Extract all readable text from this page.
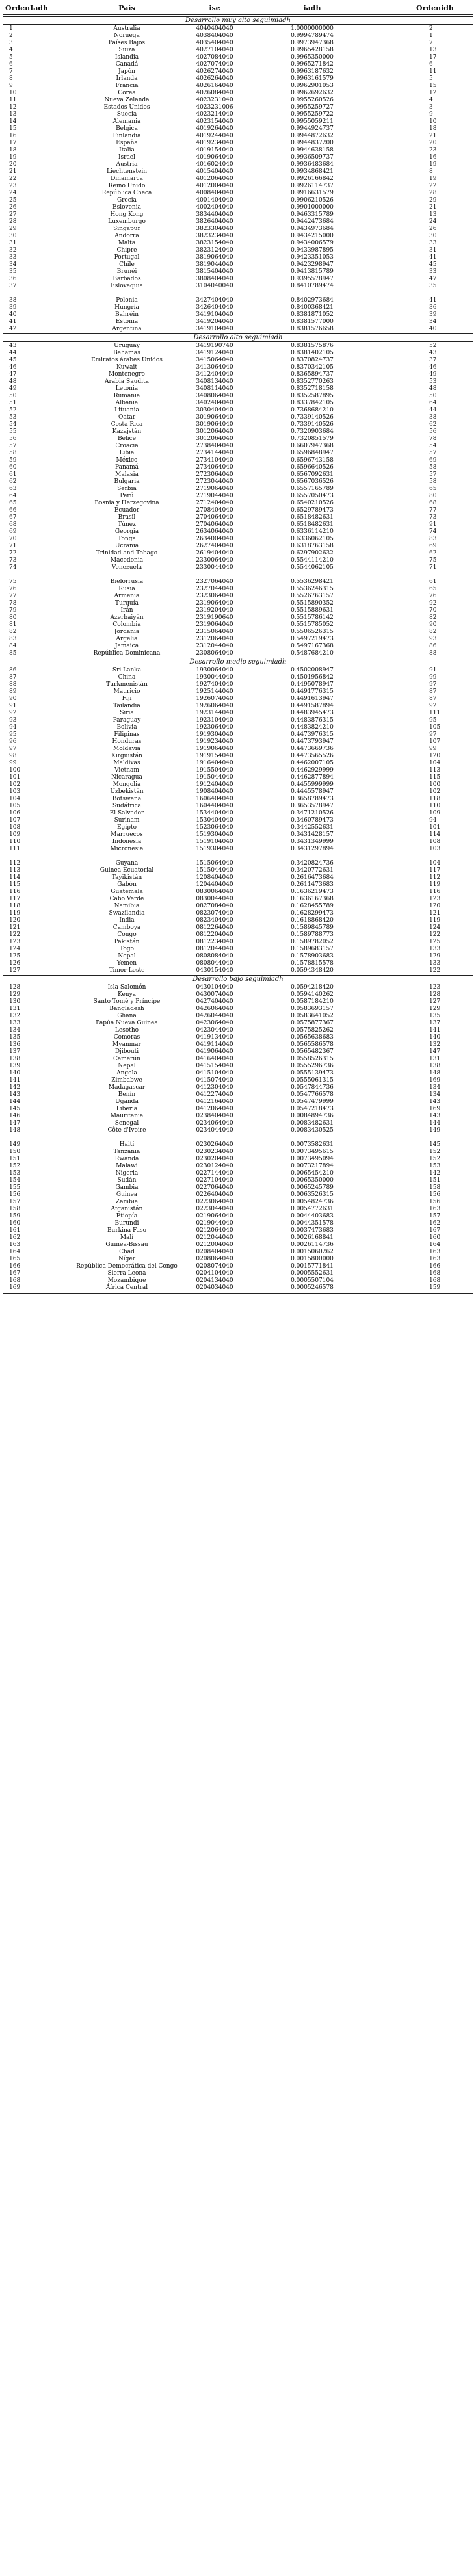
OrdenIadh	País	ise	iadh	Ordenidh
Desarrollo muy alto seguimiadh
1	Australia	4040404040	1.0000000000	2
2	Noruega	4038404040	0.9994789474	1
3	Países Bajos	4035404040	0.9973947368	7
4	Suiza	4027104040	0.9965428158	13
5	Islandia	4027084040	0.9965350000	17
6	Canadá	4027074040	0.9965271842	6
7	Japón	4026274040	0.9963187632	11
8	Irlanda	4026264040	0.9963161579	5
9	Francia	4026164040	0.9962901053	15
10	Corea	4026084040	0.9962692632	12
11	Nueva Zelanda	4023231040	0.9955260526	4
12	Estados Unidos	4023231006	0.9955259727	3
13	Suecia	4023214040	0.9955259722	9
14	Alemania	4023154040	0.9955059211	10
15	Bélgica	4019264040	0.9944924737	18
16	Finlandia	4019244040	0.9944872632	21
17	España	4019234040	0.9944837200	20
18	Italia	4019154040	0.9944638158	23
19	Israel	4019064040	0.9936509737	16
20	Austria	4016024040	0.9936483684	19
21	Liechtenstein	4015404040	0.9934868421	8
22	Dinamarca	4012064040	0.9926166842	19
23	Reino Unido	4012004040	0.9926114737	22
24	República Checa	4008404040	0.9916631579	28
25	Grecia	4001404040	0.9906210526	29
26	Eslovenia	4002404040	0.9901000000	21
27	Hong Kong	3834404040	0.9463315789	13
28	Luxemburgo	3826404040	0.9442473684	24
29	Singapur	3823304040	0.9434973684	26
30	Andorra	3823234040	0.9434215000	30
31	Malta	3823154040	0.9434006579	33
32	Chipre	3823124040	0.9433987895	31
33	Portugal	3819064040	0.9423351053	41
34	Chile	3819044040	0.9423298947	45
35	Brunéi	3815404040	0.9413815789	33
36	Barbados	3808404040	0.9395578947	47
37	Eslovaquia	3104040040	0.8410789474	35
38	Polonia	3427404040	0.8402973684	41
39	Hungría	3426404040	0.8400368421	36
40	Bahréin	3419104040	0.8381871052	39
41	Estonia	3419204040	0.8381577000	34
42	Argentina	3419104040	0.8381576658	40
Desarrollo alto seguimiadh
43	Uruguay	3419190740	0.8381575876	52
44	Bahamas	3419124040	0.8381402105	43
45	Emiratos árabes Unidos	3415064040	0.8370824737	37
46	Kuwait	3413064040	0.8370342105	46
47	Montenegro	3412404040	0.8365894737	49
48	Arabia Saudita	3408134040	0.8352770263	53
49	Letonia	3408114040	0.8352718158	48
50	Rumania	3408064040	0.8352587895	50
51	Albania	3402404040	0.8337842105	64
52	Lituania	3030404040	0.7368684210	44
53	Qatar	3019064040	0.7339140526	38
54	Costa Rica	3019064040	0.7339140526	62
55	Kazajstán	3012064040	0.7320903684	56
56	Belice	3012064040	0.7320851579	78
57	Croacia	2738404040	0.6607947368	54
58	Libia	2734144040	0.6596848947	57
59	México	2734104040	0.6596743158	69
60	Panamá	2734064040	0.6596640526	58
61	Malasia	2723064040	0.6567092631	57
62	Bulgaria	2723044040	0.6567036526	58
63	Serbia	2719064040	0.6557165789	65
64	Perú	2719044040	0.6557050473	80
65	Bosnia y Herzegovina	2712404040	0.6540210526	68
66	Ecuador	2708404040	0.6529789473	77
67	Brasil	2704064040	0.6518482631	73
68	Túnez	2704064040	0.6518482631	91
69	Georgia	2634064040	0.6336114210	74
70	Tonga	2634004040	0.6336062105	83
71	Ucrania	2627404040	0.6318763158	69
72	Trinidad and Tobago	2619404040	0.6297902632	62
73	Macedonia	2330064040	0.5544114210	75
74	Venezuela	2330044040	0.5544062105	71
75	Bielorrusia	2327064040	0.5536298421	61
76	Rusia	2327044040	0.5536246315	65
77	Armenia	2323064040	0.5526763157	76
78	Turquía	2319064040	0.5515890352	92
79	Irán	2319204040	0.5515889631	70
80	Azerbaiyán	2319190640	0.5515786142	82
81	Colombia	2319064040	0.5515785052	90
82	Jordania	2315064040	0.5506526315	82
83	Argelia	2312064040	0.5497219473	93
84	Jamaica	2312044040	0.5497167368	86
85	República Dominicana	2308064040	0.5487684210	88
Desarrollo medio seguimiadh
86	Sri Lanka	1930064040	0.4502008947	91
87	China	1930044040	0.4501956842	99
88	Turkmenistán	1927404040	0.4495078947	97
89	Mauricio	1925144040	0.4491776315	87
90	Fiji	1926074040	0.4491613947	87
91	Tailandia	1926064040	0.4491587894	92
92	Siria	1923144040	0.4483945473	111
93	Paraguay	1923104040	0.4483876315	95
94	Bolivia	1923064040	0.4483824210	105
95	Filipinas	1919304040	0.4473976315	97
96	Honduras	1919234040	0.4473793947	107
97	Moldavia	1919064040	0.4473669736	99
98	Kirguistán	1919154040	0.4473565526	120
99	Maldivas	1916404040	0.4462007105	104
100	Vietnam	1915504040	0.4462929999	113
101	Nicaragua	1915044040	0.4462877894	115
102	Mongolia	1912404040	0.4455999999	100
103	Uzbekistán	1908404040	0.4445578947	102
104	Botswana	1606404040	0.3658789473	118
105	Sudáfrica	1604404040	0.3653578947	110
106	El Salvador	1534404040	0.3471210526	109
107	Surinam	1530404040	0.3460789473	94
108	Egipto	1523064040	0.3442552631	101
109	Marruecos	1519304040	0.3431428157	114
110	Indonesia	1519104040	0.3431349999	108
111	Micronesia	1519304040	0.3431297894	103
112	Guyana	1515064040	0.3420824736	104
113	Guinea Ecuatorial	1515044040	0.3420772631	117
114	Tayikistán	1208404040	0.2616473684	112
115	Gabón	1204404040	0.2611473683	119
116	Guatemala	0830064040	0.1636219473	116
117	Cabo Verde	0830044040	0.1636167368	123
118	Namibia	0827084040	0.1628455789	120
119	Swazilandia	0823074040	0.1628299473	121
120	India	0823404040	0.1618868420	119
121	Camboya	0812264040	0.1589845789	124
122	Congo	0812204040	0.1589788773	122
123	Pakistán	0812234040	0.1589782052	125
124	Togo	0812044040	0.1589683157	133
125	Nepal	0808084040	0.1578903683	129
126	Yemen	0808044040	0.1578815578	133
127	Timor-Leste	0430154040	0.0594348420	122
Desarrollo bajo seguimiadh
128	Isla Salomón	0430104040	0.0594218420	123
129	Kenya	0430074040	0.0594140262	128
130	Santo Tomé y Príncipe	0427404040	0.0587184210	127
131	Bangladesh	0426064040	0.0583693157	129
132	Ghana	0426044040	0.0583641052	135
133	Papúa Nueva Guinea	0423064040	0.0575877367	137
134	Lesotho	0423044040	0.0575825262	141
135	Comoras	0419134040	0.0565638683	140
136	Myanmar	0419114040	0.0565586578	132
137	Djibouti	0419064040	0.0565482367	147
138	Camerún	0416404040	0.0558526315	131
139	Nepal	0415154040	0.0555296736	138
140	Angola	0415104040	0.0555139473	148
141	Zimbabwe	0415074040	0.0555061315	169
142	Madagascar	0412304040	0.0547844736	134
143	Benín	0412274040	0.0547766578	134
144	Uganda	0412164040	0.0547479999	143
145	Liberia	0412064040	0.0547218473	169
146	Mauritania	0238404040	0.0084894736	143
147	Senegal	0234064040	0.0083482631	144
148	Côte d'Ivoire	0234044040	0.0083430525	149
149	Haití	0230264040	0.0073582631	145
150	Tanzania	0230234040	0.0073495615	152
151	Rwanda	0230204040	0.0073495094	152
152	Malawi	0230124040	0.0073217894	153
153	Nigeria	0227144040	0.0065454210	142
154	Sudán	0227104040	0.0065350000	151
155	Gambia	0227064040	0.0065245789	158
156	Guinea	0226404040	0.0063526315	156
157	Zambia	0223064040	0.0054824736	156
158	Afganistán	0223044040	0.0054772631	163
159	Etiopía	0219064040	0.0044403683	157
160	Burundi	0219044040	0.0044351578	162
161	Burkina Faso	0212064040	0.0037473683	167
162	Malí	0212044040	0.0026168841	160
163	Guinea-Bissau	0212004040	0.0026114736	164
164	Chad	0208404040	0.0015060262	163
165	Níger	0208064040	0.0015800000	163
166	República Democrática del Congo	0208074040	0.0015771841	166
167	Sierra Leona	0204104040	0.0005552631	168
168	Mozambique	0204134040	0.0005507104	168
169	África Central	0204034040	0.0005246578	159
